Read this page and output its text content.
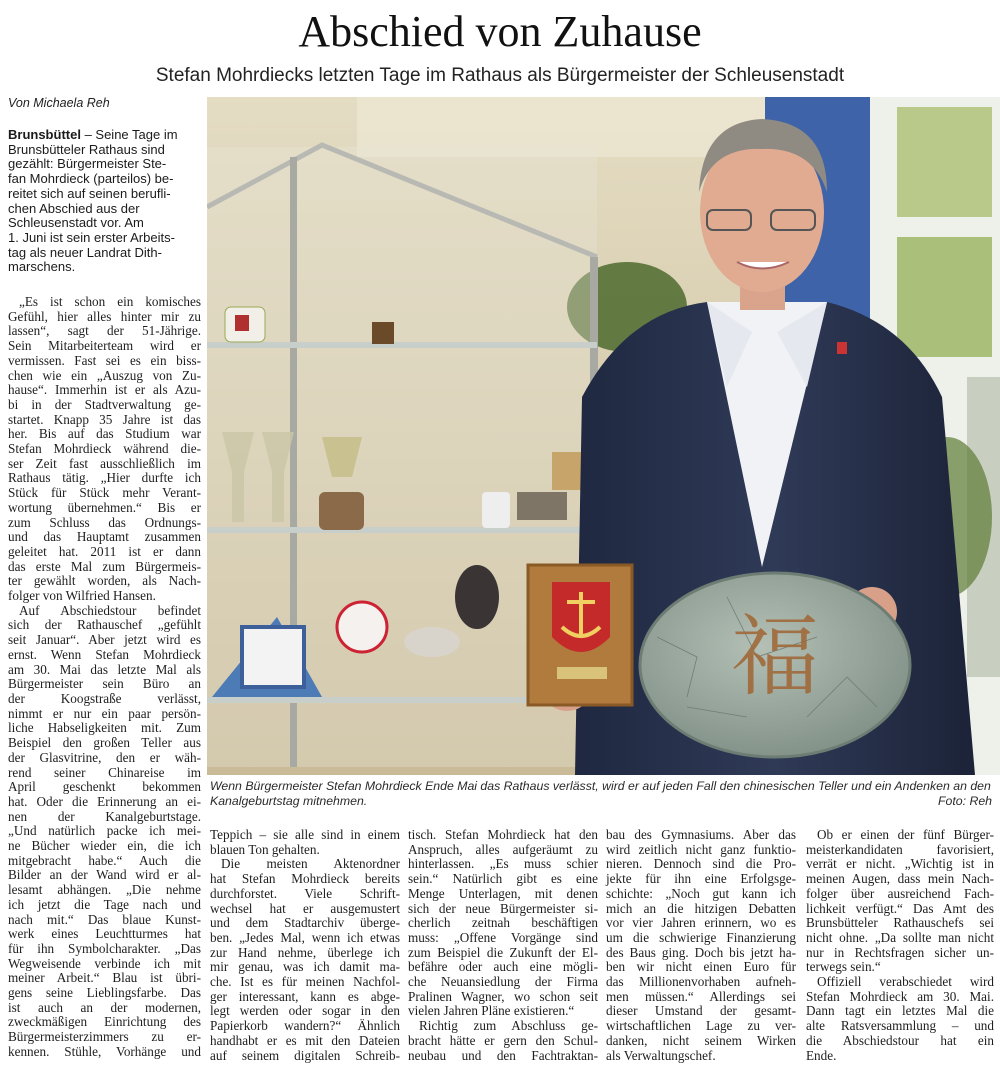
Abschied von Zuhause
Stefan Mohrdiecks letzten Tage im Rathaus als Bürgermeister der Schleusenstadt
Von Michaela Reh
Brunsbüttel – Seine Tage im
Brunsbütteler Rathaus sind
gezählt: Bürgermeister Ste-
fan Mohrdieck (parteilos) be-
reitet sich auf seinen berufli-
chen Abschied aus der
Schleusenstadt vor. Am
1. Juni ist sein erster Arbeits-
tag als neuer Landrat Dith-
marschens.
福
Wenn Bürgermeister Stefan Mohrdieck Ende Mai das Rathaus verlässt, wird er auf jeden Fall den chinesischen Teller und ein Andenken an den Kanalgeburtstag mitnehmen.	Foto: Reh
„Es ist schon ein komisches
Gefühl, hier alles hinter mir zu
lassen“, sagt der 51-Jährige.
Sein Mitarbeiterteam wird er
vermissen. Fast sei es ein biss-
chen wie ein „Auszug von Zu-
hause“. Immerhin ist er als Azu-
bi in der Stadtverwaltung ge-
startet. Knapp 35 Jahre ist das
her. Bis auf das Studium war
Stefan Mohrdieck während die-
ser Zeit fast ausschließlich im
Rathaus tätig. „Hier durfte ich
Stück für Stück mehr Verant-
wortung übernehmen.“ Bis er
zum Schluss das Ordnungs-
und das Hauptamt zusammen
geleitet hat. 2011 ist er dann
das erste Mal zum Bürgermeis-
ter gewählt worden, als Nach-
folger von Wilfried Hansen.
Auf Abschiedstour befindet
sich der Rathauschef „gefühlt
seit Januar“. Aber jetzt wird es
ernst. Wenn Stefan Mohrdieck
am 30. Mai das letzte Mal als
Bürgermeister sein Büro an
der Koogstraße verlässt,
nimmt er nur ein paar persön-
liche Habseligkeiten mit. Zum
Beispiel den großen Teller aus
der Glasvitrine, den er wäh-
rend seiner Chinareise im
April geschenkt bekommen
hat. Oder die Erinnerung an ei-
nen der Kanalgeburtstage.
„Und natürlich packe ich mei-
ne Bücher wieder ein, die ich
mitgebracht habe.“ Auch die
Bilder an der Wand wird er al-
lesamt abhängen. „Die nehme
ich jetzt die Tage nach und
nach mit.“ Das blaue Kunst-
werk eines Leuchtturmes hat
für ihn Symbolcharakter. „Das
Wegweisende verbinde ich mit
meiner Arbeit.“ Blau ist übri-
gens seine Lieblingsfarbe. Das
ist auch an der modernen,
zweckmäßigen Einrichtung des
Bürgermeisterzimmers zu er-
kennen. Stühle, Vorhänge und
Teppich – sie alle sind in einem
blauen Ton gehalten.
Die meisten Aktenordner
hat Stefan Mohrdieck bereits
durchforstet. Viele Schrift-
wechsel hat er ausgemustert
und dem Stadtarchiv überge-
ben. „Jedes Mal, wenn ich etwas
zur Hand nehme, überlege ich
mir genau, was ich damit ma-
che. Ist es für meinen Nachfol-
ger interessant, kann es abge-
legt werden oder sogar in den
Papierkorb wandern?“ Ähnlich
handhabt er es mit den Dateien
auf seinem digitalen Schreib-
tisch. Stefan Mohrdieck hat den
Anspruch, alles aufgeräumt zu
hinterlassen. „Es muss schier
sein.“ Natürlich gibt es eine
Menge Unterlagen, mit denen
sich der neue Bürgermeister si-
cherlich zeitnah beschäftigen
muss: „Offene Vorgänge sind
zum Beispiel die Zukunft der El-
befähre oder auch eine mögli-
che Neuansiedlung der Firma
Pralinen Wagner, wo schon seit
vielen Jahren Pläne existieren.“
Richtig zum Abschluss ge-
bracht hätte er gern den Schul-
neubau und den Fachtraktan-
bau des Gymnasiums. Aber das
wird zeitlich nicht ganz funktio-
nieren. Dennoch sind die Pro-
jekte für ihn eine Erfolgsge-
schichte: „Noch gut kann ich
mich an die hitzigen Debatten
vor vier Jahren erinnern, wo es
um die schwierige Finanzierung
des Baus ging. Doch bis jetzt ha-
ben wir nicht einen Euro für
das Millionenvorhaben aufneh-
men müssen.“ Allerdings sei
dieser Umstand der gesamt-
wirtschaftlichen Lage zu ver-
danken, nicht seinem Wirken
als Verwaltungschef.
Ob er einen der fünf Bürger-
meisterkandidaten favorisiert,
verrät er nicht. „Wichtig ist in
meinen Augen, dass mein Nach-
folger über ausreichend Fach-
lichkeit verfügt.“ Das Amt des
Brunsbütteler Rathauschefs sei
nicht ohne. „Da sollte man nicht
nur in Rechtsfragen sicher un-
terwegs sein.“
Offiziell verabschiedet wird
Stefan Mohrdieck am 30. Mai.
Dann tagt ein letztes Mal die
alte Ratsversammlung – und
die Abschiedstour hat ein
Ende.
